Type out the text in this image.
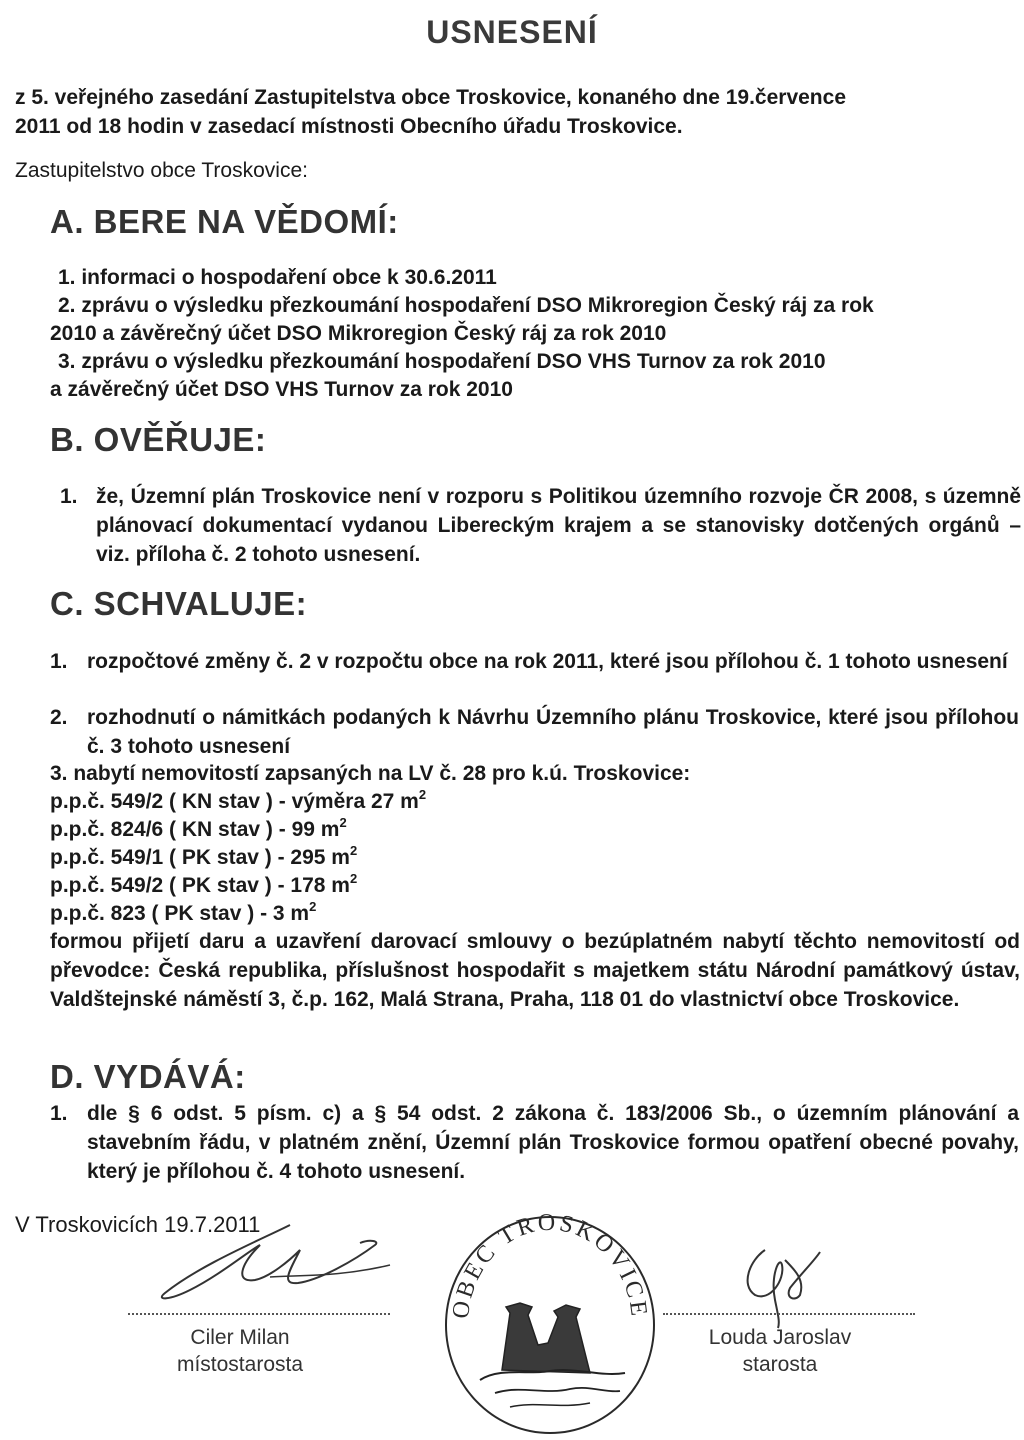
USNESENÍ
z 5. veřejného zasedání Zastupitelstva obce Troskovice, konaného dne 19.července
2011 od 18 hodin v zasedací místnosti Obecního úřadu Troskovice.
Zastupitelstvo obce Troskovice:
A. BERE NA VĚDOMÍ:
1. informaci o hospodaření obce k 30.6.2011
2. zprávu o výsledku přezkoumání hospodaření DSO Mikroregion Český ráj za rok
2010 a závěrečný účet DSO Mikroregion Český ráj za rok 2010
3. zprávu o výsledku přezkoumání hospodaření DSO VHS Turnov za rok 2010
a závěrečný účet DSO VHS Turnov za rok 2010
B. OVĚŘUJE:
1. že, Územní plán Troskovice není v rozporu s Politikou územního rozvoje ČR 2008, s územně plánovací dokumentací vydanou Libereckým krajem a se stanovisky dotčených orgánů – viz. příloha č. 2 tohoto usnesení.
C. SCHVALUJE:
1. rozpočtové změny č. 2 v rozpočtu obce na rok 2011, které jsou přílohou č. 1 tohoto usnesení
2. rozhodnutí o námitkách podaných k Návrhu Územního plánu Troskovice, které jsou přílohou č. 3 tohoto usnesení
3. nabytí nemovitostí zapsaných na LV č. 28 pro k.ú. Troskovice:
p.p.č. 549/2 ( KN stav ) - výměra 27 $m^2$
p.p.č. 824/6 ( KN stav ) - 99 $m^2$
p.p.č. 549/1 ( PK stav ) - 295 $m^2$
p.p.č. 549/2 ( PK stav ) - 178 $m^2$
p.p.č. 823 ( PK stav ) - 3 $m^2$
formou přijetí daru a uzavření darovací smlouvy o bezúplatném nabytí těchto nemovitostí od převodce: Česká republika, příslušnost hospodařit s majetkem státu Národní památkový ústav, Valdštejnské náměstí 3, č.p. 162, Malá Strana, Praha, 118 01 do vlastnictví obce Troskovice.
D. VYDÁVÁ:
1. dle § 6 odst. 5 písm. c) a § 54 odst. 2 zákona č. 183/2006 Sb., o územním plánování a stavebním řádu, v platném znění, Územní plán Troskovice formou opatření obecné povahy, který je přílohou č. 4 tohoto usnesení.
V Troskovicích 19.7.2011
Ciler Milan
místostarosta
Louda Jaroslav
starosta
OBEC TROSKOVICE
